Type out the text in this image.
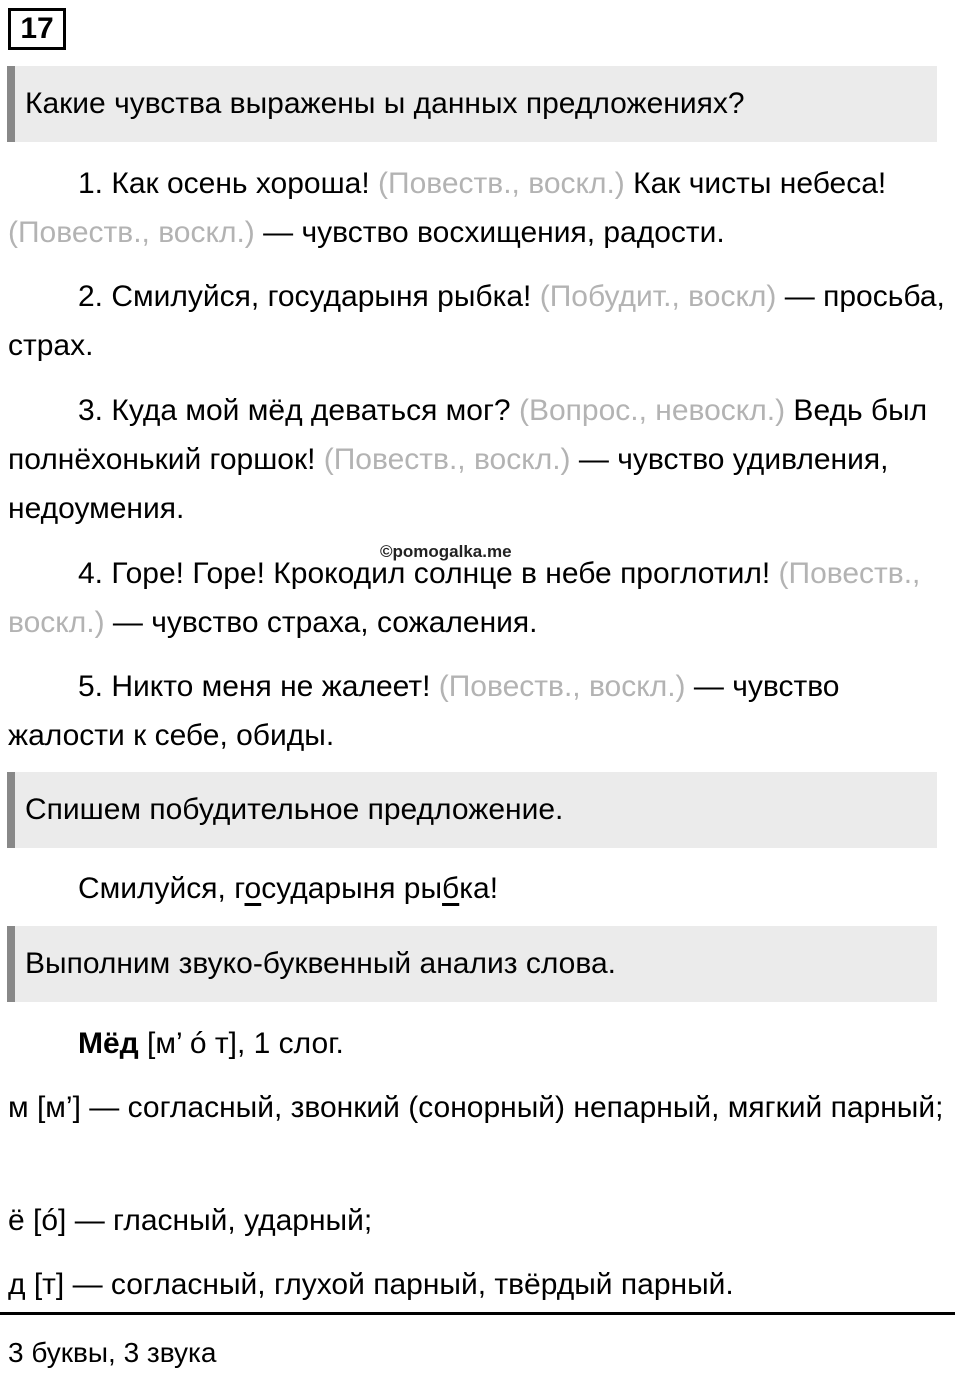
17
Какие чувства выражены ы данных предложениях?

1. Как осень хороша! (Повеств., воскл.) Как чисты небеса! (Повеств., воскл.) — чувство восхищения, радости.

2. Смилуйся, государыня рыбка! (Побудит., воскл) — просьба, страх.

3. Куда мой мёд деваться мог? (Вопрос., невоскл.) Ведь был полнёхонький горшок! (Повеств., воскл.) — чувство удивления, недоумения.

©pomogalka.me

4. Горе! Горе! Крокодил солнце в небе проглотил! (Повеств., воскл.) — чувство страха, сожаления.

5. Никто меня не жалеет! (Повеств., воскл.) — чувство жалости к себе, обиды.

Спишем побудительное предложение.

Смилуйся, государыня рыбка!

Выполним звуко-буквенный анализ слова.

Мёд [м’ ó т], 1 слог.

м [м’] — согласный, звонкий (сонорный) непарный, мягкий парный;

ё [ó] — гласный, ударный;

д [т] — согласный, глухой парный, твёрдый парный.

3 буквы, 3 звука
